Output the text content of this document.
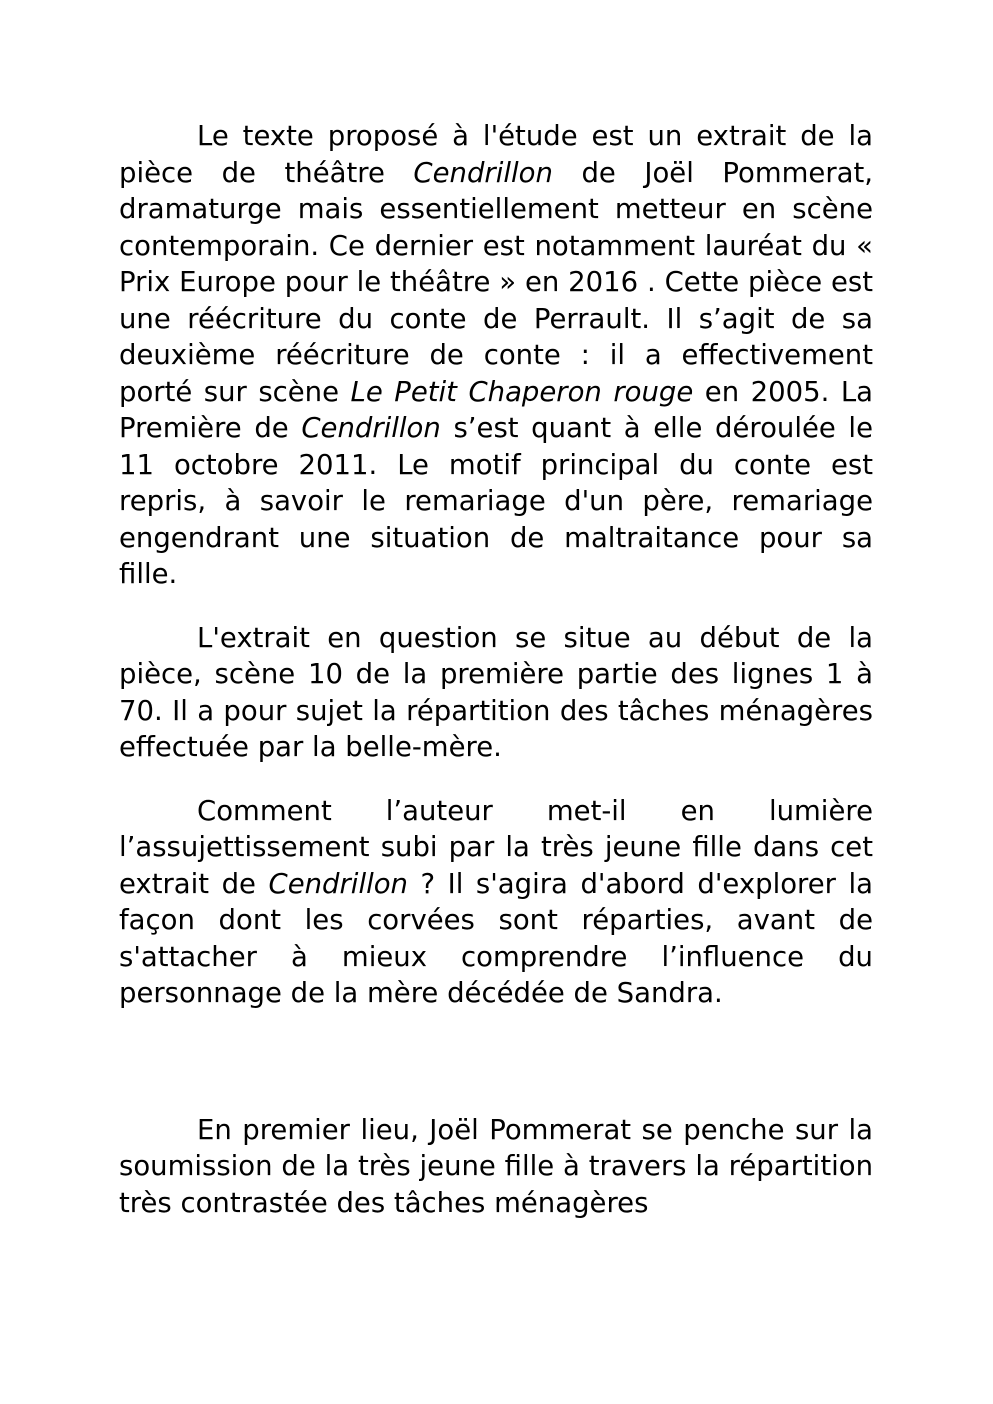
Le texte proposé à l'étude est un extrait de la pièce de théâtre Cendrillon de Joël Pommerat, dramaturge mais essentiellement metteur en scène contemporain. Ce dernier est notamment lauréat du « Prix Europe pour le théâtre » en 2016 . Cette pièce est une réécriture du conte de Perrault. Il s’agit de sa deuxième réécriture de conte : il a effectivement porté sur scène Le Petit Chaperon rouge en 2005. La Première de Cendrillon s’est quant à elle déroulée le 11 octobre 2011. Le motif principal du conte est repris, à savoir le remariage d'un père, remariage engendrant une situation de maltraitance pour sa fille.

L'extrait en question se situe au début de la pièce, scène 10 de la première partie des lignes 1 à 70. Il a pour sujet la répartition des tâches ménagères effectuée par la belle-mère.

Comment l’auteur met-il en lumière l’assujettissement subi par la très jeune fille dans cet extrait de Cendrillon ? Il s'agira d'abord d'explorer la façon dont les corvées sont réparties, avant de s'attacher à mieux comprendre l’influence du personnage de la mère décédée de Sandra.

En premier lieu, Joël Pommerat se penche sur la soumission de la très jeune fille à travers la répartition très contrastée des tâches ménagères
